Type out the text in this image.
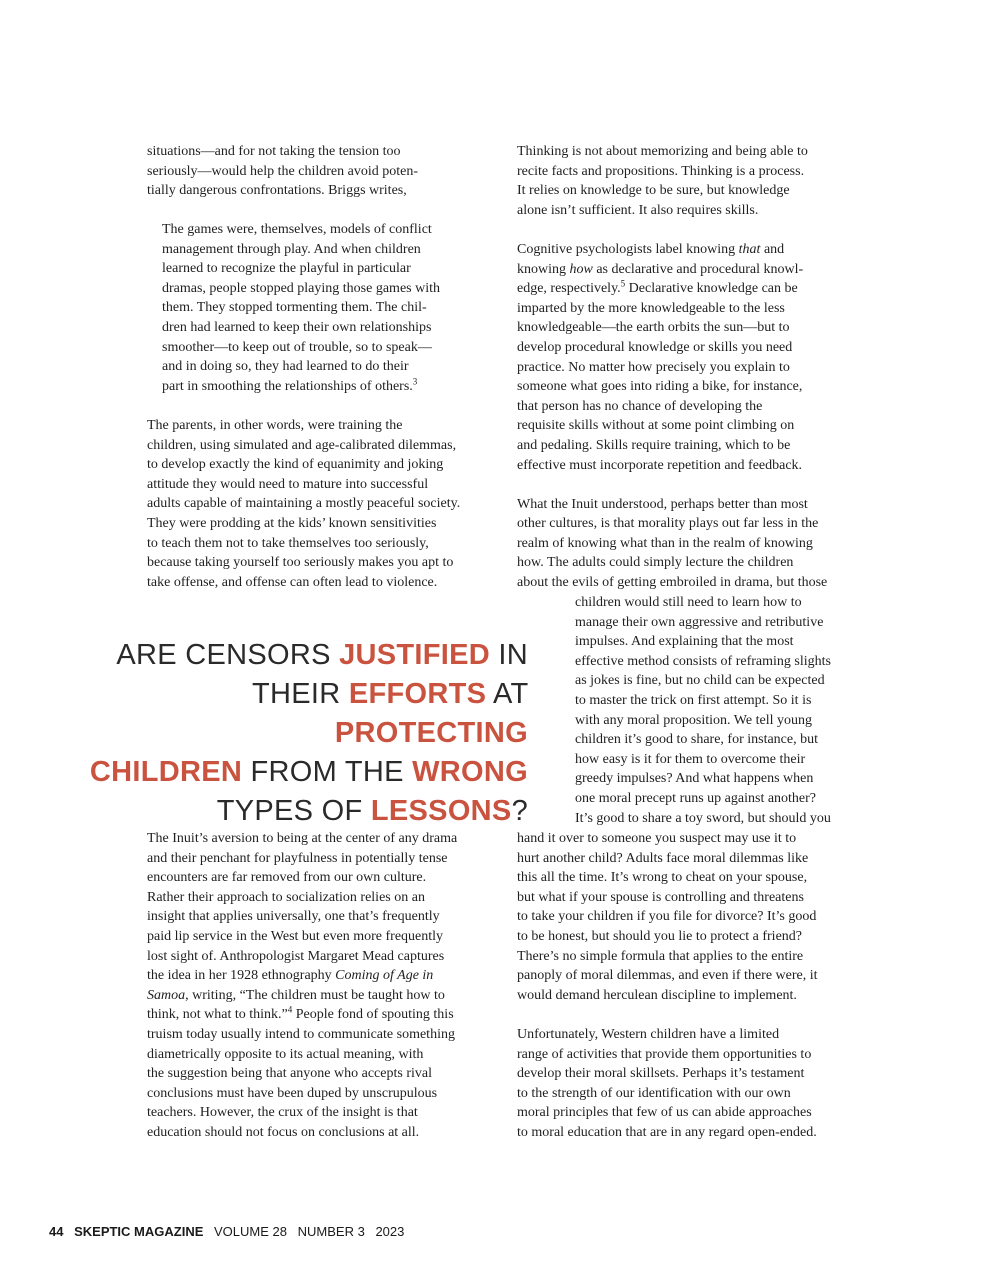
situations—and for not taking the tension too

seriously—would help the children avoid poten-

tially dangerous confrontations. Briggs writes,

The games were, themselves, models of conflict

management through play. And when children

learned to recognize the playful in particular

dramas, people stopped playing those games with

them. They stopped tormenting them. The chil-

dren had learned to keep their own relationships

smoother—to keep out of trouble, so to speak—

and in doing so, they had learned to do their

part in smoothing the relationships of others.$^3$

The parents, in other words, were training the

children, using simulated and age-calibrated dilemmas,

to develop exactly the kind of equanimity and joking

attitude they would need to mature into successful

adults capable of maintaining a mostly peaceful society.

They were prodding at the kids’ known sensitivities

to teach them not to take themselves too seriously,

because taking yourself too seriously makes you apt to

take offense, and offense can often lead to violence.

ARE CENSORS JUSTIFIED IN
THEIR EFFORTS AT PROTECTING
CHILDREN FROM THE WRONG
TYPES OF LESSONS?

The Inuit’s aversion to being at the center of any drama

and their penchant for playfulness in potentially tense

encounters are far removed from our own culture.

Rather their approach to socialization relies on an

insight that applies universally, one that’s frequently

paid lip service in the West but even more frequently

lost sight of. Anthropologist Margaret Mead captures

the idea in her 1928 ethnography Coming of Age in

Samoa, writing, “The children must be taught how to

think, not what to think.”$^4$ People fond of spouting this

truism today usually intend to communicate something

diametrically opposite to its actual meaning, with

the suggestion being that anyone who accepts rival

conclusions must have been duped by unscrupulous

teachers. However, the crux of the insight is that

education should not focus on conclusions at all.

Thinking is not about memorizing and being able to

recite facts and propositions. Thinking is a process.

It relies on knowledge to be sure, but knowledge

alone isn’t sufficient. It also requires skills.

Cognitive psychologists label knowing that and

knowing how as declarative and procedural knowl-

edge, respectively.$^5$ Declarative knowledge can be

imparted by the more knowledgeable to the less

knowledgeable—the earth orbits the sun—but to

develop procedural knowledge or skills you need

practice. No matter how precisely you explain to

someone what goes into riding a bike, for instance,

that person has no chance of developing the

requisite skills without at some point climbing on

and pedaling. Skills require training, which to be

effective must incorporate repetition and feedback.

What the Inuit understood, perhaps better than most

other cultures, is that morality plays out far less in the

realm of knowing what than in the realm of knowing

how. The adults could simply lecture the children

about the evils of getting embroiled in drama, but those

children would still need to learn how to

manage their own aggressive and retributive

impulses. And explaining that the most

effective method consists of reframing slights

as jokes is fine, but no child can be expected

to master the trick on first attempt. So it is

with any moral proposition. We tell young

children it’s good to share, for instance, but

how easy is it for them to overcome their

greedy impulses? And what happens when

one moral precept runs up against another?

It’s good to share a toy sword, but should you

hand it over to someone you suspect may use it to

hurt another child? Adults face moral dilemmas like

this all the time. It’s wrong to cheat on your spouse,

but what if your spouse is controlling and threatens

to take your children if you file for divorce? It’s good

to be honest, but should you lie to protect a friend?

There’s no simple formula that applies to the entire

panoply of moral dilemmas, and even if there were, it

would demand herculean discipline to implement.

Unfortunately, Western children have a limited

range of activities that provide them opportunities to

develop their moral skillsets. Perhaps it’s testament

to the strength of our identification with our own

moral principles that few of us can abide approaches

to moral education that are in any regard open-ended.

44 SKEPTIC MAGAZINE VOLUME 28 NUMBER 3 2023
